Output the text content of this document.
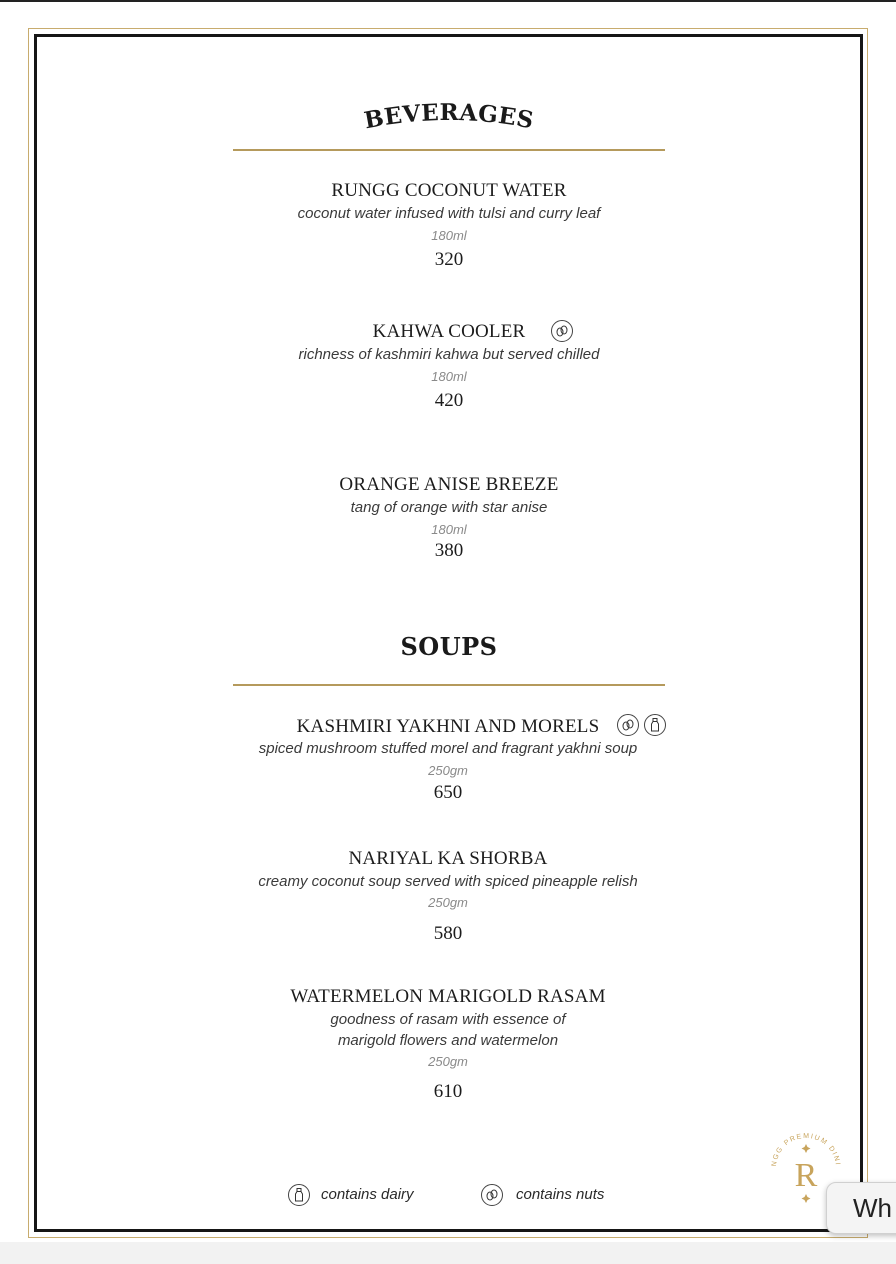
BEVERAGES
RUNGG COCONUT WATER
coconut water infused with tulsi and curry leaf
180ml
320
KAHWA COOLER
richness of kashmiri kahwa but served chilled
180ml
420
ORANGE ANISE BREEZE
tang of orange with star anise
180ml
380
SOUPS
KASHMIRI YAKHNI AND MORELS
spiced mushroom stuffed morel and fragrant yakhni soup
250gm
650
NARIYAL KA SHORBA
creamy coconut soup served with spiced pineapple relish
250gm
580
WATERMELON MARIGOLD RASAM
goodness of rasam with essence of
marigold flowers and watermelon
250gm
610
contains dairy	contains nuts
NGG PREMIUM DINI
R
Wh
